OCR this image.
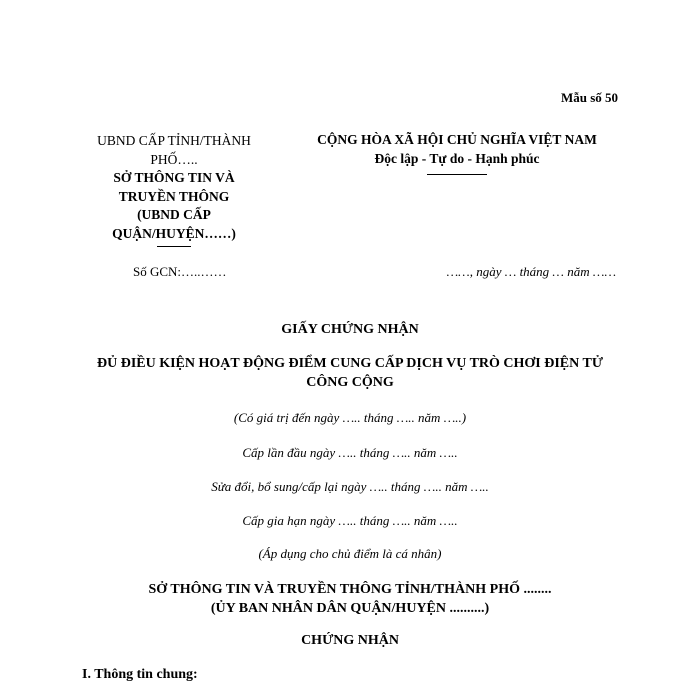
Mẫu số 50
UBND CẤP TỈNH/THÀNH
PHỐ…..
SỞ THÔNG TIN VÀ
TRUYỀN THÔNG
(UBND CẤP
QUẬN/HUYỆN……)
CỘNG HÒA XÃ HỘI CHỦ NGHĨA VIỆT NAM
Độc lập - Tự do - Hạnh phúc
Số GCN:…..……	……, ngày … tháng … năm ……
GIẤY CHỨNG NHẬN
ĐỦ ĐIỀU KIỆN HOẠT ĐỘNG ĐIỂM CUNG CẤP DỊCH VỤ TRÒ CHƠI ĐIỆN TỬ CÔNG CỘNG
(Có giá trị đến ngày ….. tháng ….. năm …..)
Cấp lần đầu ngày ….. tháng ….. năm …..
Sửa đổi, bổ sung/cấp lại ngày ….. tháng ….. năm …..
Cấp gia hạn ngày ….. tháng ….. năm …..
(Áp dụng cho chủ điểm là cá nhân)
SỞ THÔNG TIN VÀ TRUYỀN THÔNG TỈNH/THÀNH PHỐ ........
(ỦY BAN NHÂN DÂN QUẬN/HUYỆN ..........)
CHỨNG NHẬN
I. Thông tin chung:
